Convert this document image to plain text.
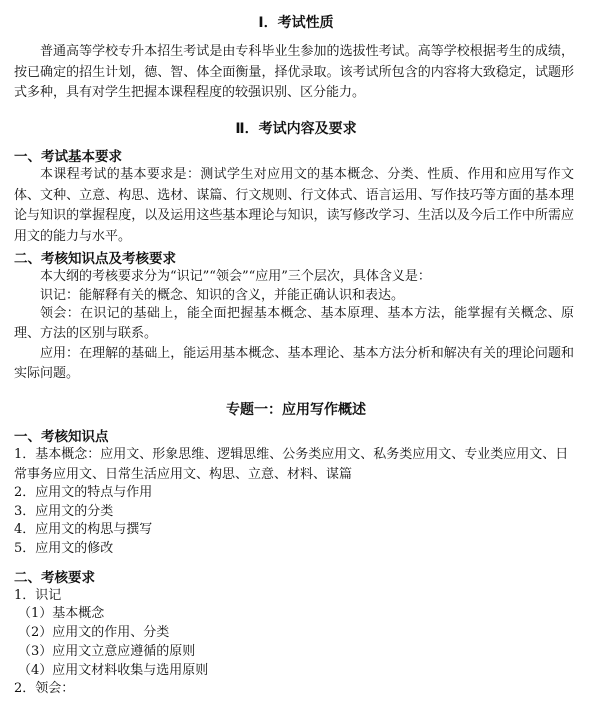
Ⅰ．考试性质

普通高等学校专升本招生考试是由专科毕业生参加的选拔性考试。高等学校根据考生的成绩，按已确定的招生计划，德、智、体全面衡量，择优录取。该考试所包含的内容将大致稳定，试题形式多种，具有对学生把握本课程程度的较强识别、区分能力。

Ⅱ．考试内容及要求
一、考试基本要求

本课程考试的基本要求是：测试学生对应用文的基本概念、分类、性质、作用和应用写作文体、文种、立意、构思、选材、谋篇、行文规则、行文体式、语言运用、写作技巧等方面的基本理论与知识的掌握程度，以及运用这些基本理论与知识，读写修改学习、生活以及今后工作中所需应用文的能力与水平。

二、考核知识点及考核要求

本大纲的考核要求分为“识记”“领会”“应用”三个层次，具体含义是：

识记：能解释有关的概念、知识的含义，并能正确认识和表达。

领会：在识记的基础上，能全面把握基本概念、基本原理、基本方法，能掌握有关概念、原理、方法的区别与联系。

应用：在理解的基础上，能运用基本概念、基本理论、基本方法分析和解决有关的理论问题和实际问题。

专题一：应用写作概述
一、考核知识点
1．基本概念：应用文、形象思维、逻辑思维、公务类应用文、私务类应用文、专业类应用文、日常事务应用文、日常生活应用文、构思、立意、材料、谋篇
2．应用文的特点与作用
3．应用文的分类
4．应用文的构思与撰写
5．应用文的修改
二、考核要求
1．识记
（1）基本概念
（2）应用文的作用、分类
（3）应用文立意应遵循的原则
（4）应用文材料收集与选用原则
2．领会：
